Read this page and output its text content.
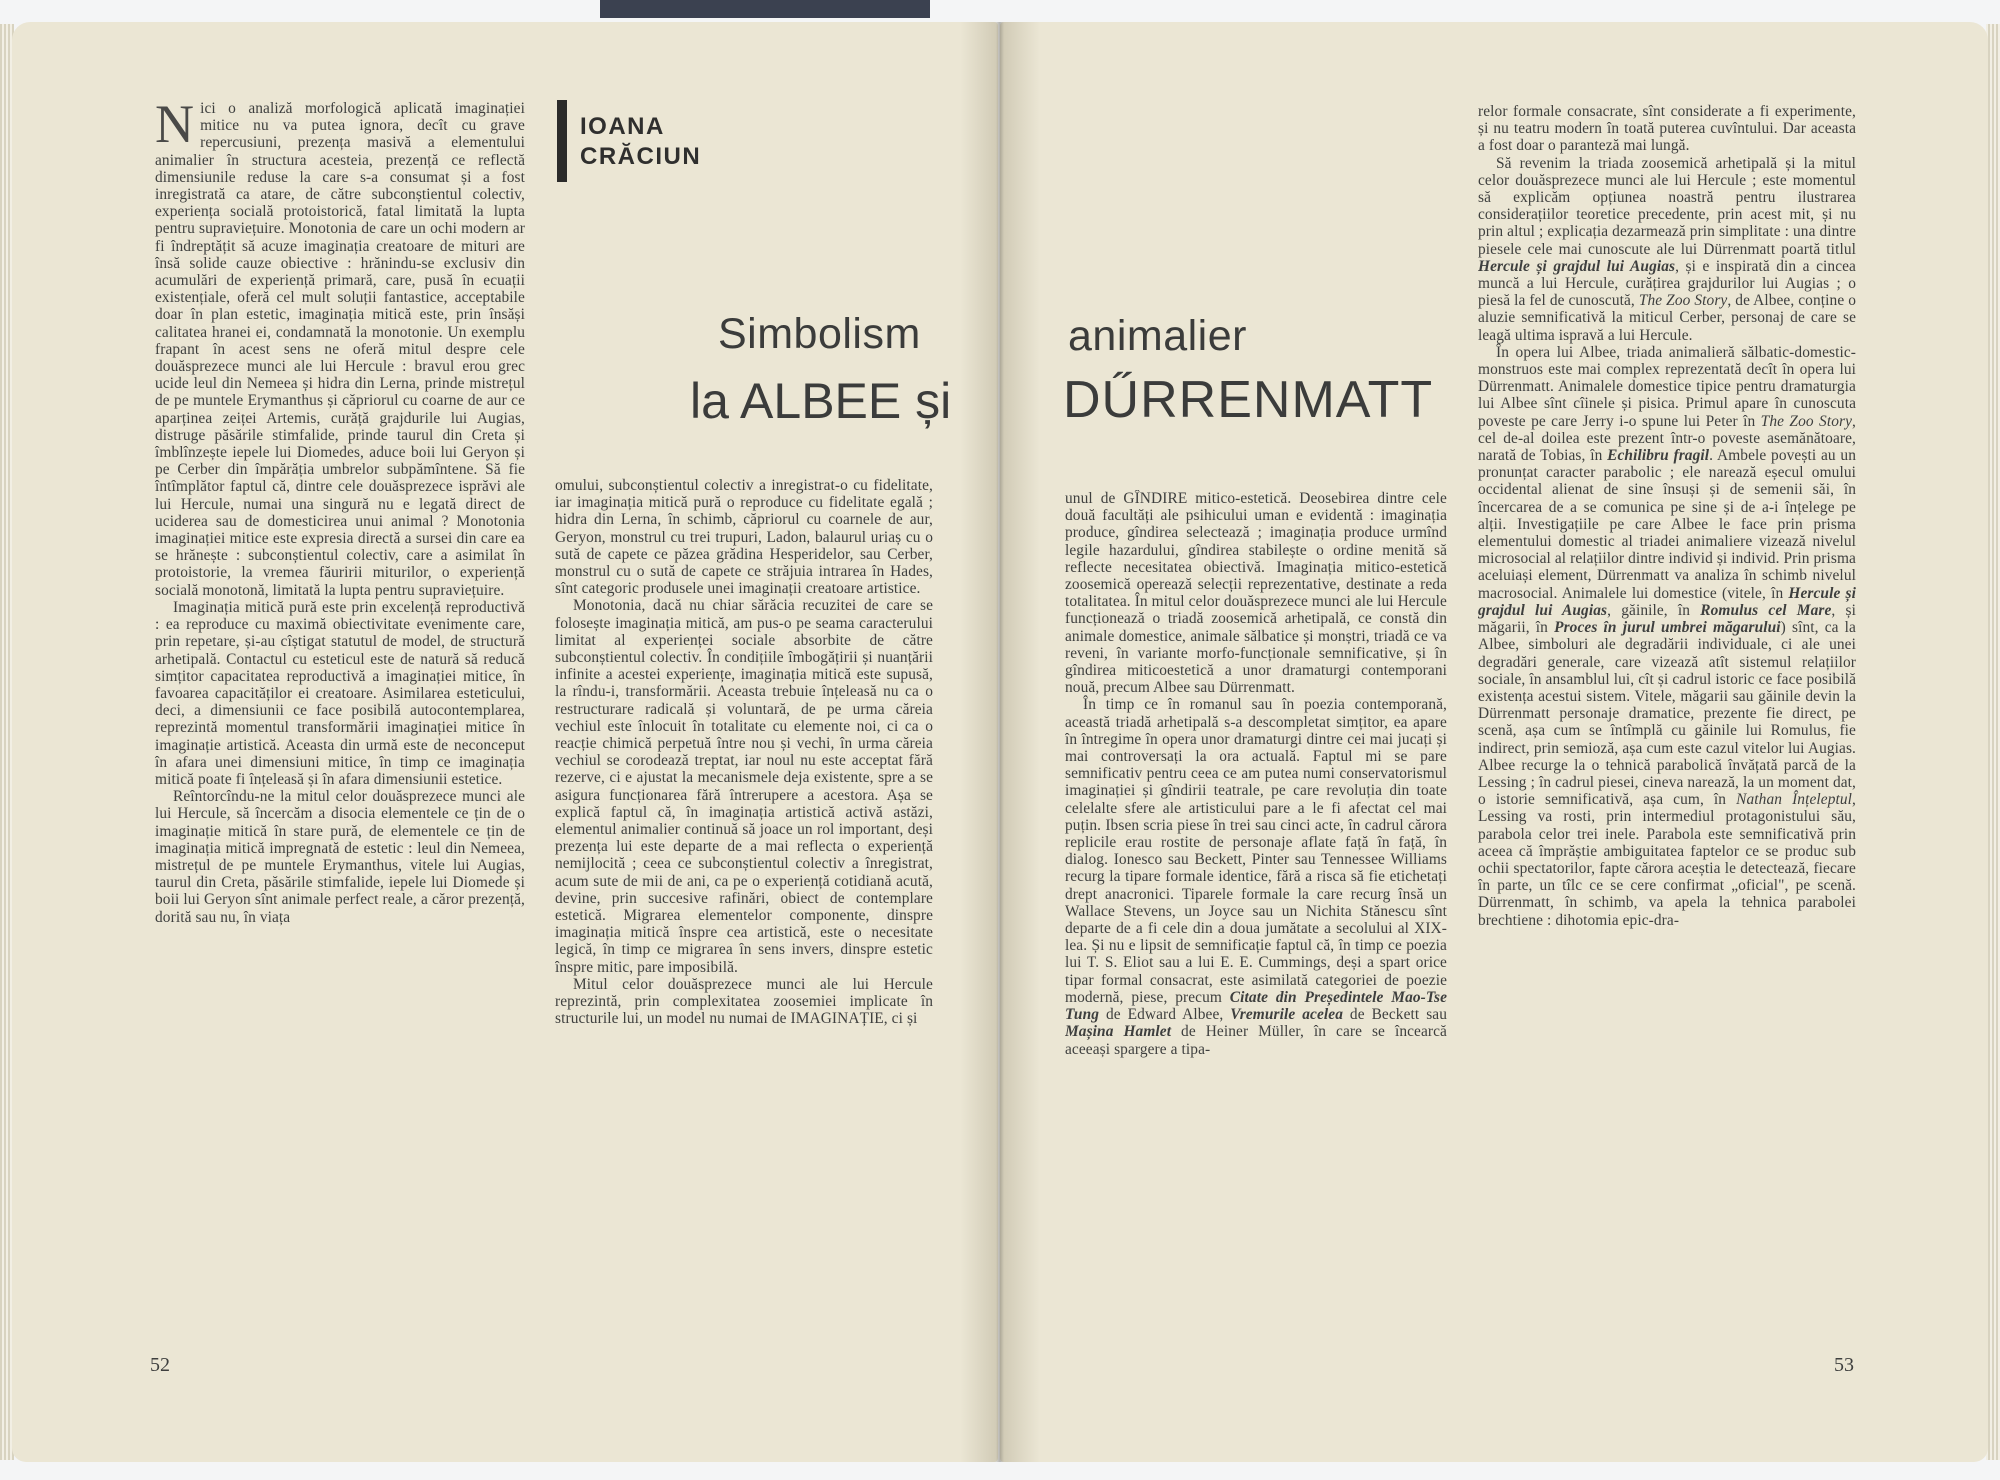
IOANA
CRĂCIUN
Simbolism
la ALBEE și
animalier
DŰRRENMATT

Nici o analiză morfologică aplicată imaginației mitice nu va putea ignora, decît cu grave repercusiuni, prezența masivă a elementului animalier în structura acesteia, prezență ce reflectă dimensiunile reduse la care s-a consumat și a fost inregistrată ca atare, de către subconștientul colectiv, experiența socială protoistorică, fatal limitată la lupta pentru supraviețuire. Monotonia de care un ochi modern ar fi îndreptățit să acuze imaginația creatoare de mituri are însă solide cauze obiective : hrănindu-se exclusiv din acumulări de experiență primară, care, pusă în ecuații existențiale, oferă cel mult soluții fantastice, acceptabile doar în plan estetic, imaginația mitică este, prin însăși calitatea hranei ei, condamnată la monotonie. Un exemplu frapant în acest sens ne oferă mitul despre cele douăsprezece munci ale lui Hercule : bravul erou grec ucide leul din Nemeea și hidra din Lerna, prinde mistrețul de pe muntele Erymanthus și căpriorul cu coarne de aur ce aparținea zeiței Artemis, curăță grajdurile lui Augias, distruge păsările stimfalide, prinde taurul din Creta și îmblînzește iepele lui Diomedes, aduce boii lui Geryon și pe Cerber din împărăția umbrelor subpămîntene. Să fie întîmplător faptul că, dintre cele douăsprezece isprăvi ale lui Hercule, numai una singură nu e legată direct de uciderea sau de domesticirea unui animal ? Monotonia imaginației mitice este expresia directă a sursei din care ea se hrănește : subconștientul colectiv, care a asimilat în protoistorie, la vremea făuririi miturilor, o experiență socială monotonă, limitată la lupta pentru supraviețuire.

Imaginația mitică pură este prin excelență reproductivă : ea reproduce cu maximă obiectivitate evenimente care, prin repetare, și-au cîștigat statutul de model, de structură arhetipală. Contactul cu esteticul este de natură să reducă simțitor capacitatea reproductivă a imaginației mitice, în favoarea capacităților ei creatoare. Asimilarea esteticului, deci, a dimensiunii ce face posibilă autocontemplarea, reprezintă momentul transformării imaginației mitice în imaginație artistică. Aceasta din urmă este de neconceput în afara unei dimensiuni mitice, în timp ce imaginația mitică poate fi înțeleasă și în afara dimensiunii estetice.

Reîntorcîndu-ne la mitul celor douăsprezece munci ale lui Hercule, să încercăm a disocia elementele ce țin de o imaginație mitică în stare pură, de elementele ce țin de imaginația mitică impregnată de estetic : leul din Nemeea, mistrețul de pe muntele Erymanthus, vitele lui Augias, taurul din Creta, păsările stimfalide, iepele lui Diomede și boii lui Geryon sînt animale perfect reale, a căror prezență, dorită sau nu, în viața

omului, subconștientul colectiv a inregistrat-o cu fidelitate, iar imaginația mitică pură o reproduce cu fidelitate egală ; hidra din Lerna, în schimb, căpriorul cu coarnele de aur, Geryon, monstrul cu trei trupuri, Ladon, balaurul uriaș cu o sută de capete ce păzea grădina Hesperidelor, sau Cerber, monstrul cu o sută de capete ce străjuia intrarea în Hades, sînt categoric produsele unei imaginații creatoare artistice.

Monotonia, dacă nu chiar sărăcia recuzitei de care se folosește imaginația mitică, am pus-o pe seama caracterului limitat al experienței sociale absorbite de către subconștientul colectiv. În condițiile îmbogățirii și nuanțării infinite a acestei experiențe, imaginația mitică este supusă, la rîndu-i, transformării. Aceasta trebuie înțeleasă nu ca o restructurare radicală și voluntară, de pe urma căreia vechiul este înlocuit în totalitate cu elemente noi, ci ca o reacție chimică perpetuă între nou și vechi, în urma căreia vechiul se corodează treptat, iar noul nu este acceptat fără rezerve, ci e ajustat la mecanismele deja existente, spre a se asigura funcționarea fără întrerupere a acestora. Așa se explică faptul că, în imaginația artistică activă astăzi, elementul animalier continuă să joace un rol important, deși prezența lui este departe de a mai reflecta o experiență nemijlocită ; ceea ce subconștientul colectiv a înregistrat, acum sute de mii de ani, ca pe o experiență cotidiană acută, devine, prin succesive rafinări, obiect de contemplare estetică. Migrarea elementelor componente, dinspre imaginația mitică înspre cea artistică, este o necesitate legică, în timp ce migrarea în sens invers, dinspre estetic înspre mitic, pare imposibilă.

Mitul celor douăsprezece munci ale lui Hercule reprezintă, prin complexitatea zoosemiei implicate în structurile lui, un model nu numai de IMAGINAȚIE, ci și

unul de GÎNDIRE mitico-estetică. Deosebirea dintre cele două facultăți ale psihicului uman e evidentă : imaginația produce, gîndirea selectează ; imaginația produce urmînd legile hazardului, gîndirea stabilește o ordine menită să reflecte necesitatea obiectivă. Imaginația mitico-estetică zoosemică operează selecții reprezentative, destinate a reda totalitatea. În mitul celor douăsprezece munci ale lui Hercule funcționează o triadă zoosemică arhetipală, ce constă din animale domestice, animale sălbatice și monștri, triadă ce va reveni, în variante morfo-funcționale semnificative, și în gîndirea miticoestetică a unor dramaturgi contemporani nouă, precum Albee sau Dürrenmatt.

În timp ce în romanul sau în poezia contemporană, această triadă arhetipală s-a descompletat simțitor, ea apare în întregime în opera unor dramaturgi dintre cei mai jucați și mai controversați la ora actuală. Faptul mi se pare semnificativ pentru ceea ce am putea numi conservatorismul imaginației și gîndirii teatrale, pe care revoluția din toate celelalte sfere ale artisticului pare a le fi afectat cel mai puțin. Ibsen scria piese în trei sau cinci acte, în cadrul cărora replicile erau rostite de personaje aflate față în față, în dialog. Ionesco sau Beckett, Pinter sau Tennessee Williams recurg la tipare formale identice, fără a risca să fie etichetați drept anacronici. Tiparele formale la care recurg însă un Wallace Stevens, un Joyce sau un Nichita Stănescu sînt departe de a fi cele din a doua jumătate a secolului al XIX-lea. Și nu e lipsit de semnificație faptul că, în timp ce poezia lui T. S. Eliot sau a lui E. E. Cummings, deși a spart orice tipar formal consacrat, este asimilată categoriei de poezie modernă, piese, precum Citate din Președintele Mao-Tse Tung de Edward Albee, Vremurile acelea de Beckett sau Mașina Hamlet de Heiner Müller, în care se încearcă aceeași spargere a tipa-

relor formale consacrate, sînt considerate a fi experimente, și nu teatru modern în toată puterea cuvîntului. Dar aceasta a fost doar o paranteză mai lungă.

Să revenim la triada zoosemică arhetipală și la mitul celor douăsprezece munci ale lui Hercule ; este momentul să explicăm opțiunea noastră pentru ilustrarea considerațiilor teoretice precedente, prin acest mit, și nu prin altul ; explicația dezarmează prin simplitate : una dintre piesele cele mai cunoscute ale lui Dürrenmatt poartă titlul Hercule și grajdul lui Augias, și e inspirată din a cincea muncă a lui Hercule, curățirea grajdurilor lui Augias ; o piesă la fel de cunoscută, The Zoo Story, de Albee, conține o aluzie semnificativă la miticul Cerber, personaj de care se leagă ultima ispravă a lui Hercule.

În opera lui Albee, triada animalieră sălbatic-domestic-monstruos este mai complex reprezentată decît în opera lui Dürrenmatt. Animalele domestice tipice pentru dramaturgia lui Albee sînt cîinele și pisica. Primul apare în cunoscuta poveste pe care Jerry i-o spune lui Peter în The Zoo Story, cel de-al doilea este prezent într-o poveste asemănătoare, narată de Tobias, în Echilibru fragil. Ambele povești au un pronunțat caracter parabolic ; ele narează eșecul omului occidental alienat de sine însuși și de semenii săi, în încercarea de a se comunica pe sine și de a-i înțelege pe alții. Investigațiile pe care Albee le face prin prisma elementului domestic al triadei animaliere vizează nivelul microsocial al relațiilor dintre individ și individ. Prin prisma aceluiași element, Dürrenmatt va analiza în schimb nivelul macrosocial. Animalele lui domestice (vitele, în Hercule și grajdul lui Augias, găinile, în Romulus cel Mare, și măgarii, în Proces în jurul umbrei măgarului) sînt, ca la Albee, simboluri ale degradării individuale, ci ale unei degradări generale, care vizează atît sistemul relațiilor sociale, în ansamblul lui, cît și cadrul istoric ce face posibilă existența acestui sistem. Vitele, măgarii sau găinile devin la Dürrenmatt personaje dramatice, prezente fie direct, pe scenă, așa cum se întîmplă cu găinile lui Romulus, fie indirect, prin semioză, așa cum este cazul vitelor lui Augias. Albee recurge la o tehnică parabolică învățată parcă de la Lessing ; în cadrul piesei, cineva narează, la un moment dat, o istorie semnificativă, așa cum, în Nathan Înțeleptul, Lessing va rosti, prin intermediul protagonistului său, parabola celor trei inele. Parabola este semnificativă prin aceea că împrăștie ambiguitatea faptelor ce se produc sub ochii spectatorilor, fapte cărora aceștia le detectează, fiecare în parte, un tîlc ce se cere confirmat „oficial", pe scenă. Dürrenmatt, în schimb, va apela la tehnica parabolei brechtiene : dihotomia epic-dra-

52	53
